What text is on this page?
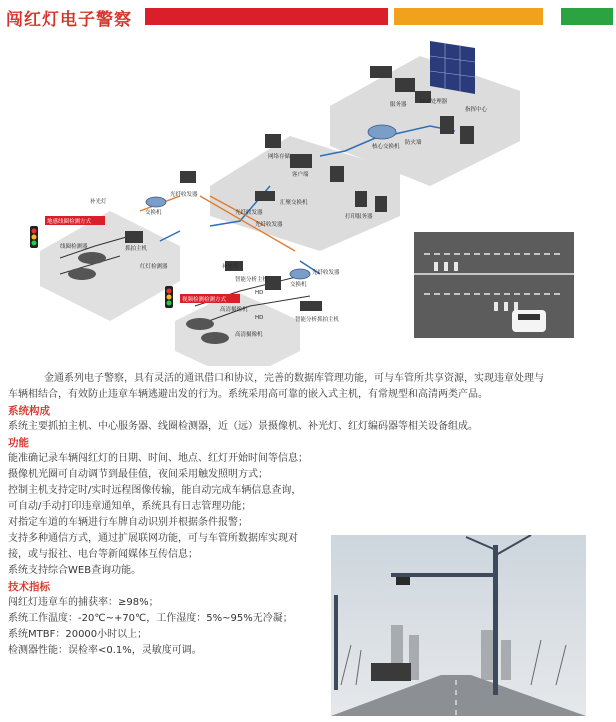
闯红灯电子警察
指挥中心
核心交换机
防火墙
DLP处理器
服务器
客户端
打印服务器
网络存储
光纤收发器
光纤收发器
光纤收发器
光纤收发器
交换机
交换机
汇聚交换机
地感线圈检测方式
视频检测检测方式
补光灯
补光灯
抓拍主机
智能分析主机
智能分析抓拍主机
高清摄像机
高清摄像机
线圈检测器
红灯检测器
HD
HD
金通系列电子警察，具有灵活的通讯借口和协议，完善的数据库管理功能，可与车管所共享资源，实现违章处理与
车辆相结合，有效防止违章车辆逃避出发的行为。系统采用高可靠的嵌入式主机，有常规型和高清两类产品。
系统构成
系统主要抓拍主机、中心服务器、线圈检测器，近（远）景摄像机、补光灯、红灯编码器等相关设备组成。
功能
能准确记录车辆闯红灯的日期、时间、地点、红灯开始时间等信息；
摄像机光圈可自动调节到最佳值，夜间采用触发照明方式；
控制主机支持定时/实时远程图像传输，能自动完成车辆信息查询，
可自动/手动打印违章通知单，系统具有日志管理功能；
对指定车道的车辆进行车牌自动识别并根据条件报警；
支持多种通信方式，通过扩展联网功能，可与车管所数据库实现对
接，或与报社、电台等新闻媒体互传信息；
系统支持综合WEB查询功能。
技术指标
闯红灯违章车的捕获率：≥98%；
系统工作温度：-20℃~+70℃，工作湿度：5%~95%无冷凝；
系统MTBF：20000小时以上；
检测器性能：误检率<0.1%，灵敏度可调。
